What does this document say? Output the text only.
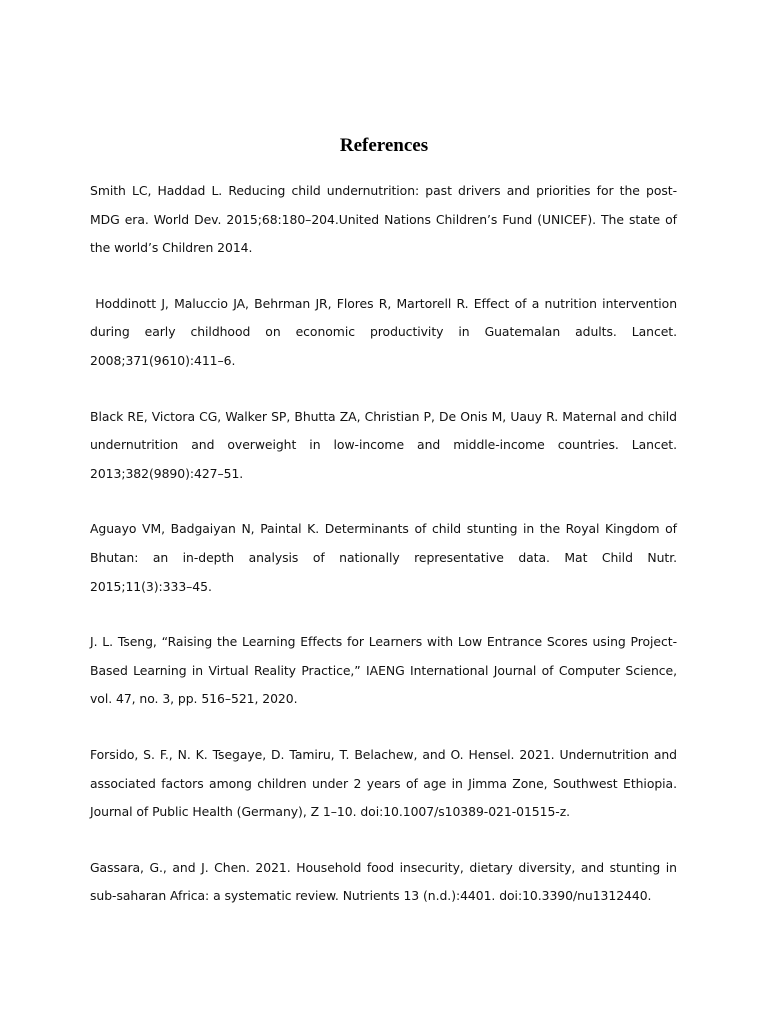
References

Smith LC, Haddad L. Reducing child undernutrition: past drivers and priorities for the post-MDG era. World Dev. 2015;68:180–204.United Nations Children’s Fund (UNICEF). The state of the world’s Children 2014.

Hoddinott J, Maluccio JA, Behrman JR, Flores R, Martorell R. Effect of a nutrition intervention during early childhood on economic productivity in Guatemalan adults. Lancet. 2008;371(9610):411–6.

Black RE, Victora CG, Walker SP, Bhutta ZA, Christian P, De Onis M, Uauy R. Maternal and child undernutrition and overweight in low-income and middle-income countries. Lancet. 2013;382(9890):427–51.

Aguayo VM, Badgaiyan N, Paintal K. Determinants of child stunting in the Royal Kingdom of Bhutan: an in-depth analysis of nationally representative data. Mat Child Nutr. 2015;11(3):333–45.

J. L. Tseng, “Raising the Learning Effects for Learners with Low Entrance Scores using Project-Based Learning in Virtual Reality Practice,” IAENG International Journal of Computer Science, vol. 47, no. 3, pp. 516–521, 2020.

Forsido, S. F., N. K. Tsegaye, D. Tamiru, T. Belachew, and O. Hensel. 2021. Undernutrition and associated factors among children under 2 years of age in Jimma Zone, Southwest Ethiopia. Journal of Public Health (Germany), Z 1–10. doi:10.1007/s10389-021-01515-z.

Gassara, G., and J. Chen. 2021. Household food insecurity, dietary diversity, and stunting in sub-saharan Africa: a systematic review. Nutrients 13 (n.d.):4401. doi:10.3390/nu1312440.
